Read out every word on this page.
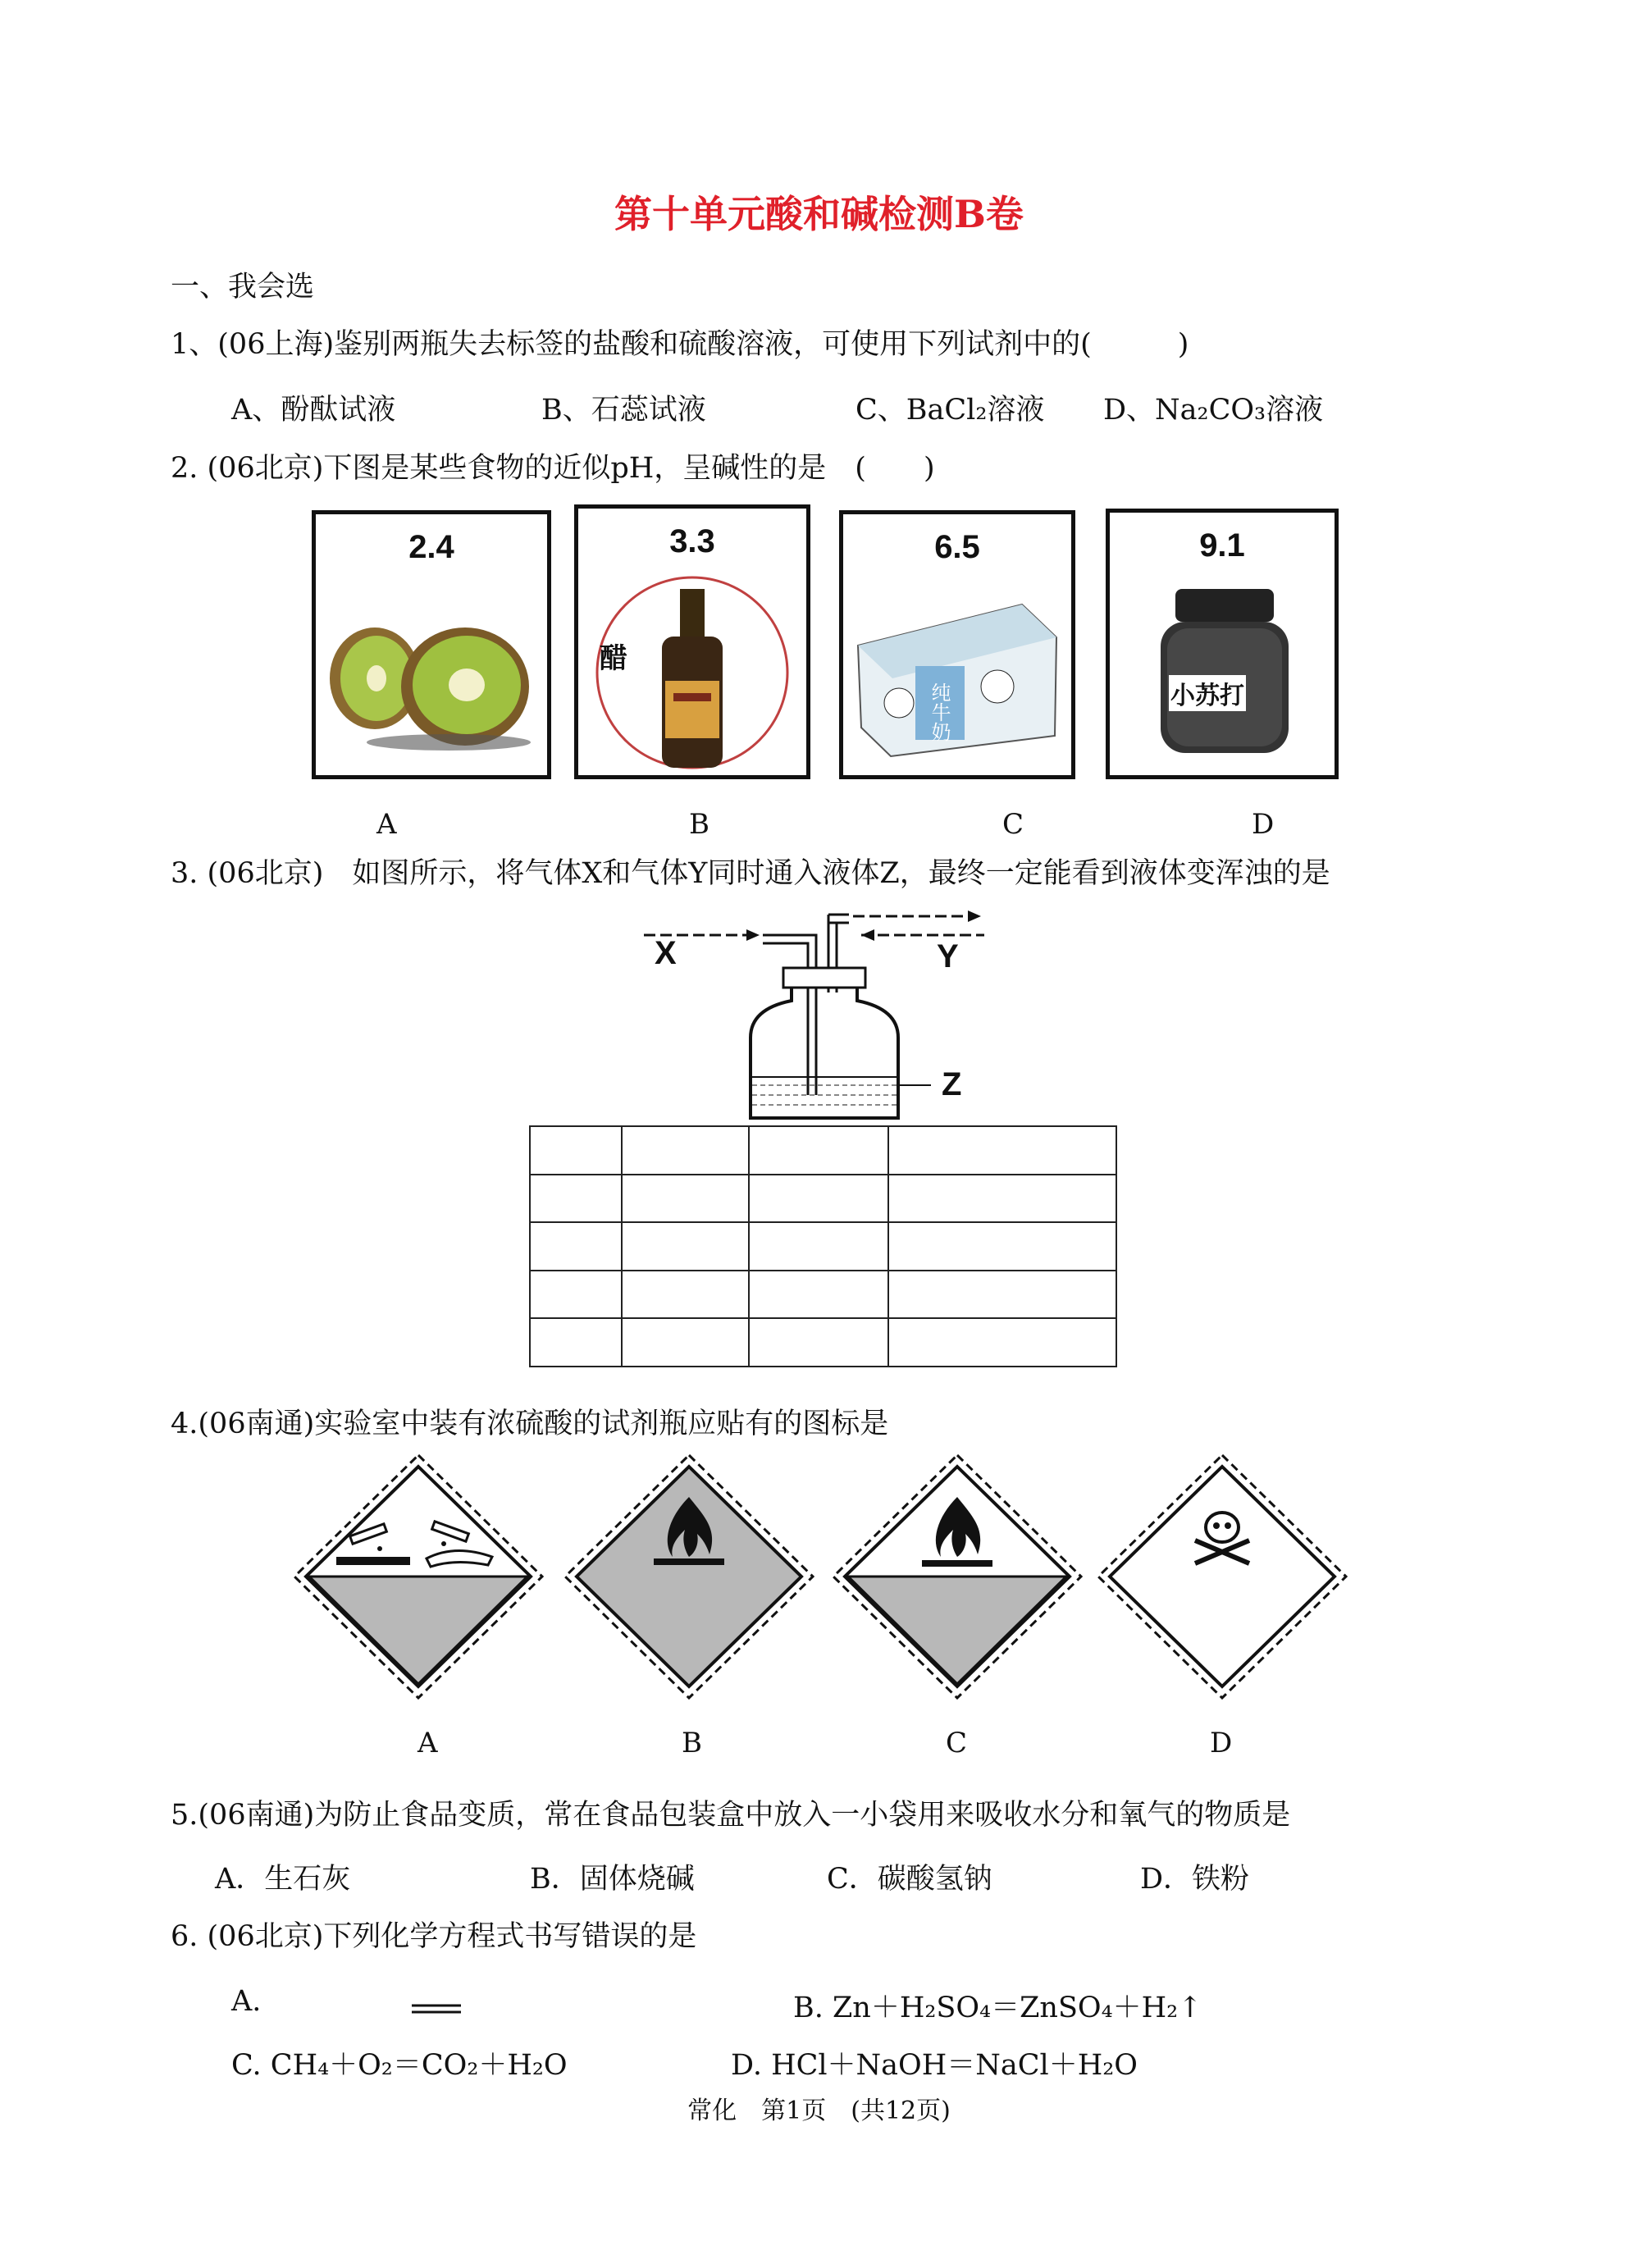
第十单元酸和碱检测B卷
一、我会选
1、(06上海)鉴别两瓶失去标签的盐酸和硫酸溶液，可使用下列试剂中的(　　　)
A、酚酞试液	B、石蕊试液	C、BaCl₂溶液 D、Na₂CO₃溶液
2. (06北京)下图是某些食物的近似pH，呈碱性的是　(　　)
2.4
A
3.3
醋
B
6.5
纯牛奶
C
9.1
小苏打
D
3. (06北京)　如图所示，将气体X和气体Y同时通入液体Z，最终一定能看到液体变浑浊的是
X	Y
Z

4.(06南通)实验室中装有浓硫酸的试剂瓶应贴有的图标是
A	B	C	D
5.(06南通)为防止食品变质，常在食品包装盒中放入一小袋用来吸收水分和氧气的物质是
A．生石灰	B．固体烧碱	C．碳酸氢钠	D．铁粉
6. (06北京)下列化学方程式书写错误的是
A.	B. Zn＋H₂SO₄＝ZnSO₄＋H₂↑
C. CH₄＋O₂＝CO₂＋H₂O	D. HCl＋NaOH＝NaCl＋H₂O
常化　第1页　(共12页)
